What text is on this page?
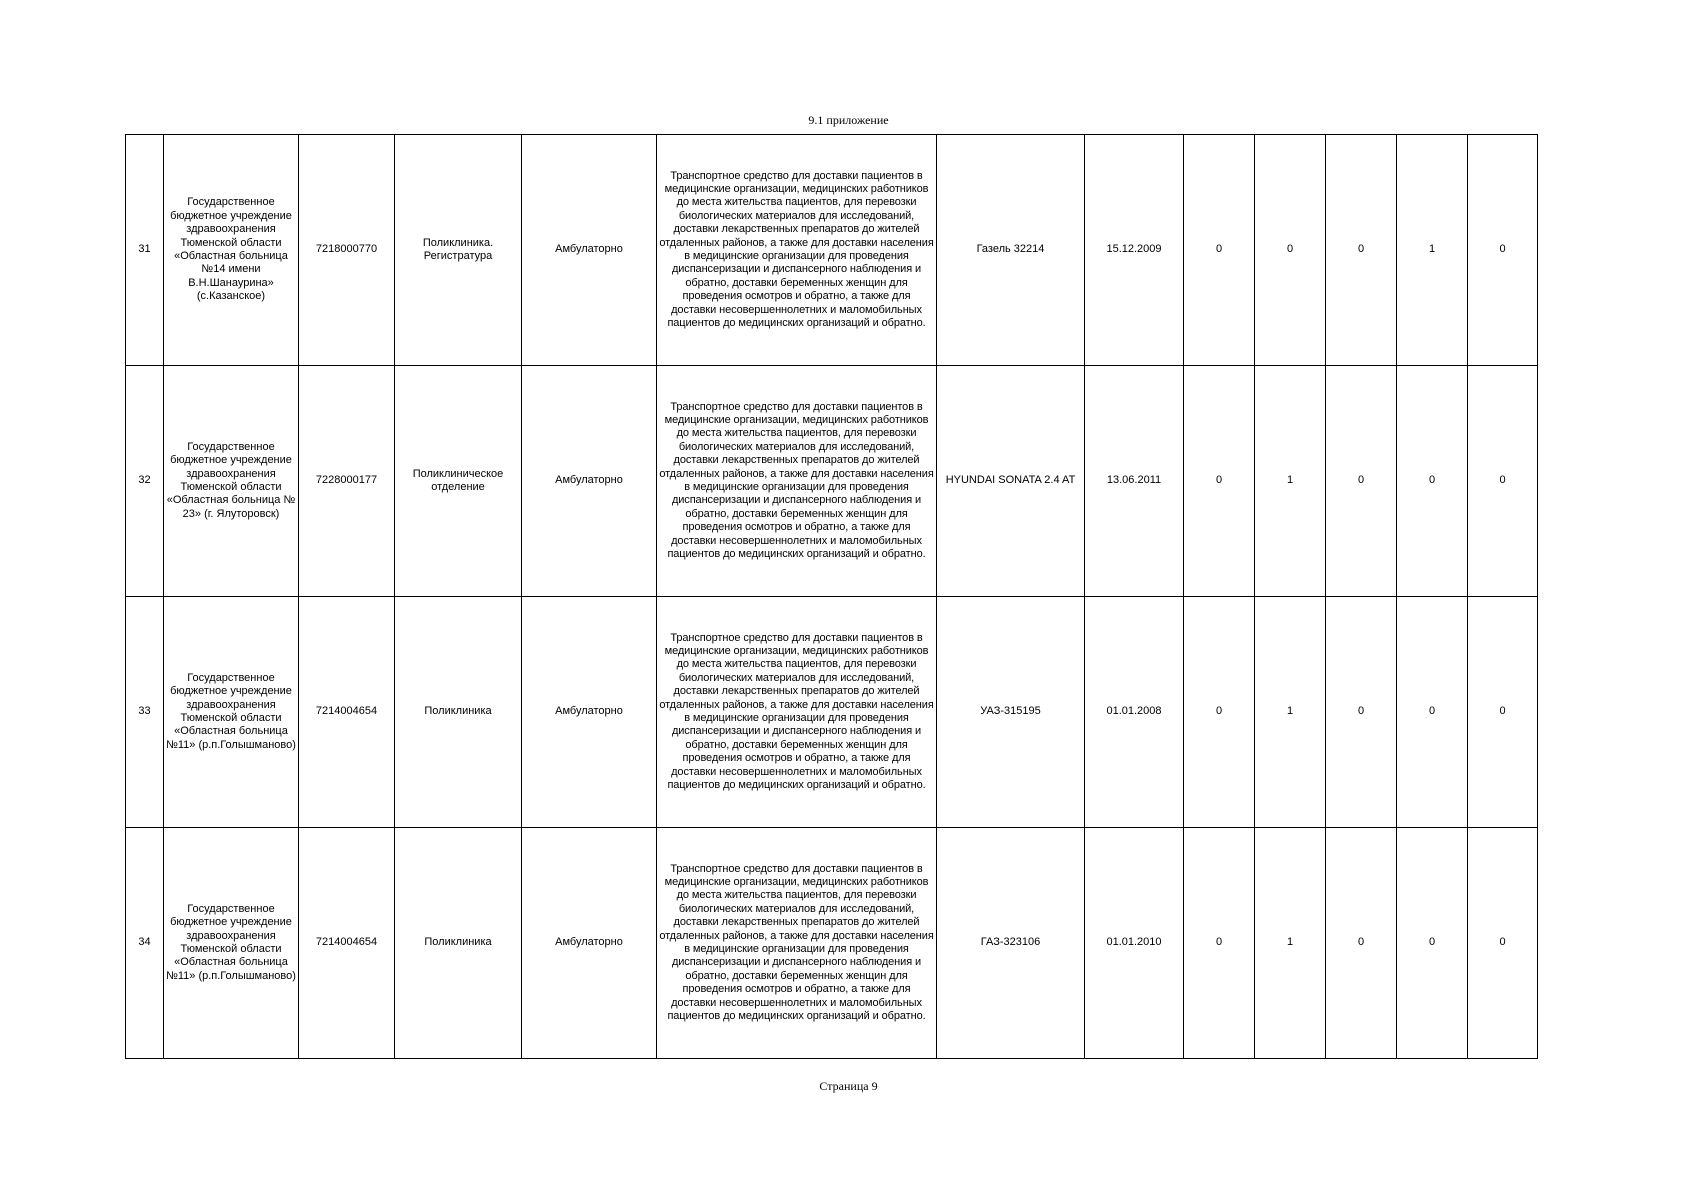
9.1 приложение
31	Государственное бюджетное учреждение здравоохранения Тюменской области «Областная больница №14 имени В.Н.Шанаурина» (с.Казанское)	7218000770	Поликлиника. Регистратура	Амбулаторно	Транспортное средство для доставки пациентов в медицинские организации, медицинских работников до места жительства пациентов, для перевозки биологических материалов для исследований, доставки лекарственных препаратов до жителей отдаленных районов, а также для доставки населения в медицинские организации для проведения диспансеризации и диспансерного наблюдения и обратно, доставки беременных женщин для проведения осмотров и обратно, а также для доставки несовершеннолетних и маломобильных пациентов до медицинских организаций и обратно.	Газель 32214	15.12.2009	0	0	0	1	0
32	Государственное бюджетное учреждение здравоохранения Тюменской области «Областная больница № 23» (г. Ялуторовск)	7228000177	Поликлиническое отделение	Амбулаторно	Транспортное средство для доставки пациентов в медицинские организации, медицинских работников до места жительства пациентов, для перевозки биологических материалов для исследований, доставки лекарственных препаратов до жителей отдаленных районов, а также для доставки населения в медицинские организации для проведения диспансеризации и диспансерного наблюдения и обратно, доставки беременных женщин для проведения осмотров и обратно, а также для доставки несовершеннолетних и маломобильных пациентов до медицинских организаций и обратно.	HYUNDAI SONATA 2.4 AT	13.06.2011	0	1	0	0	0
33	Государственное бюджетное учреждение здравоохранения Тюменской области «Областная больница №11» (р.п.Голышманово)	7214004654	Поликлиника	Амбулаторно	Транспортное средство для доставки пациентов в медицинские организации, медицинских работников до места жительства пациентов, для перевозки биологических материалов для исследований, доставки лекарственных препаратов до жителей отдаленных районов, а также для доставки населения в медицинские организации для проведения диспансеризации и диспансерного наблюдения и обратно, доставки беременных женщин для проведения осмотров и обратно, а также для доставки несовершеннолетних и маломобильных пациентов до медицинских организаций и обратно.	УАЗ-315195	01.01.2008	0	1	0	0	0
34	Государственное бюджетное учреждение здравоохранения Тюменской области «Областная больница №11» (р.п.Голышманово)	7214004654	Поликлиника	Амбулаторно	Транспортное средство для доставки пациентов в медицинские организации, медицинских работников до места жительства пациентов, для перевозки биологических материалов для исследований, доставки лекарственных препаратов до жителей отдаленных районов, а также для доставки населения в медицинские организации для проведения диспансеризации и диспансерного наблюдения и обратно, доставки беременных женщин для проведения осмотров и обратно, а также для доставки несовершеннолетних и маломобильных пациентов до медицинских организаций и обратно.	ГАЗ-323106	01.01.2010	0	1	0	0	0
Страница 9
